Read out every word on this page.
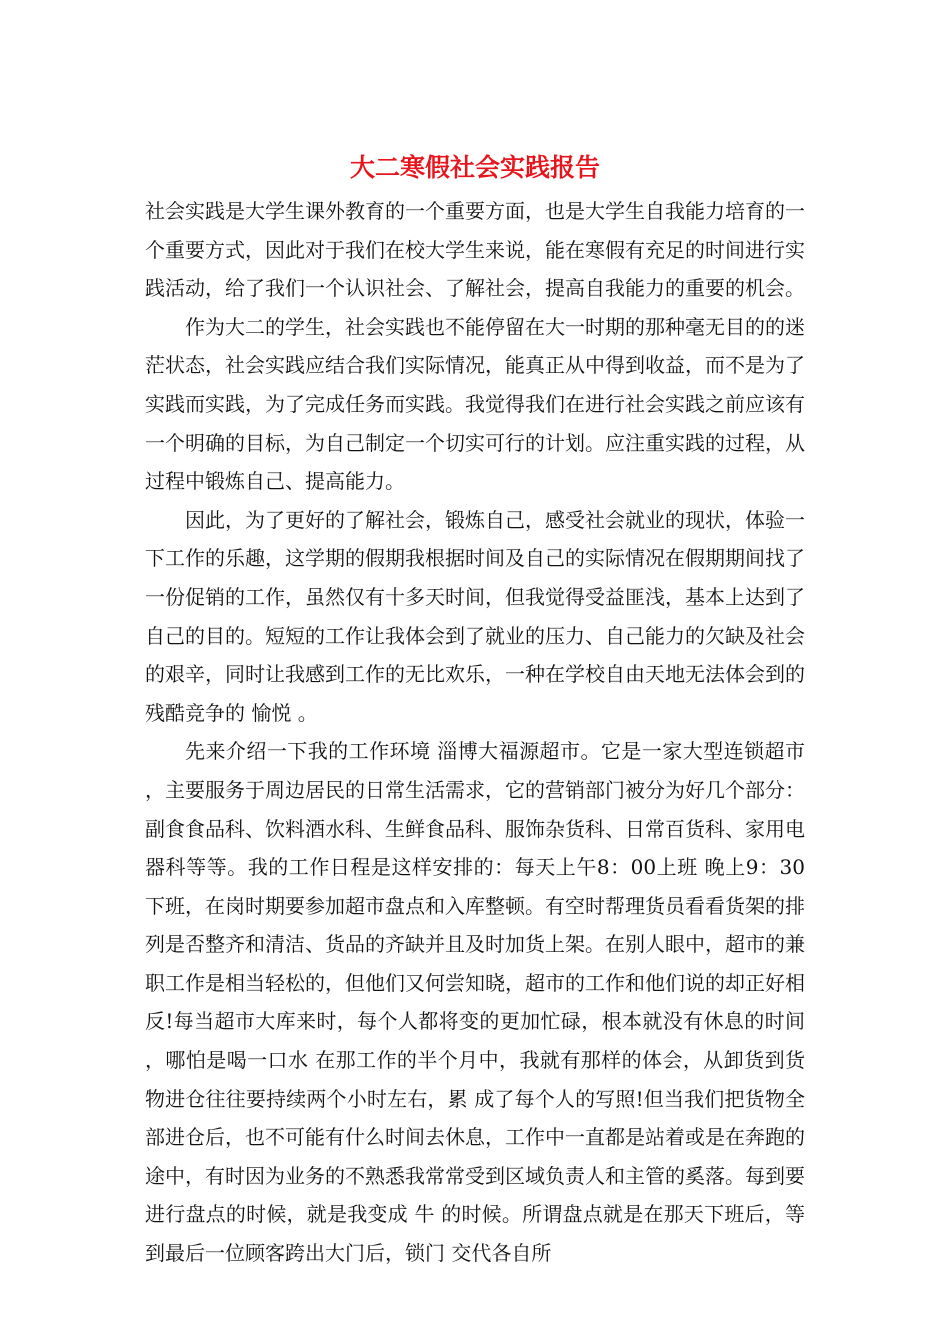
大二寒假社会实践报告

社会实践是大学生课外教育的一个重要方面，也是大学生自我能力培育的一个重要方式，因此对于我们在校大学生来说，能在寒假有充足的时间进行实践活动，给了我们一个认识社会、了解社会，提高自我能力的重要的机会。

作为大二的学生，社会实践也不能停留在大一时期的那种毫无目的的迷茫状态，社会实践应结合我们实际情况，能真正从中得到收益，而不是为了实践而实践，为了完成任务而实践。我觉得我们在进行社会实践之前应该有一个明确的目标，为自己制定一个切实可行的计划。应注重实践的过程，从过程中锻炼自己、提高能力。

因此，为了更好的了解社会，锻炼自己，感受社会就业的现状，体验一下工作的乐趣，这学期的假期我根据时间及自己的实际情况在假期期间找了一份促销的工作，虽然仅有十多天时间，但我觉得受益匪浅，基本上达到了自己的目的。短短的工作让我体会到了就业的压力、自己能力的欠缺及社会的艰辛，同时让我感到工作的无比欢乐，一种在学校自由天地无法体会到的残酷竞争的 愉悦 。

先来介绍一下我的工作环境 淄博大福源超市。它是一家大型连锁超市，主要服务于周边居民的日常生活需求，它的营销部门被分为好几个部分：副食食品科、饮料酒水科、生鲜食品科、服饰杂货科、日常百货科、家用电器科等等。我的工作日程是这样安排的：每天上午8：00上班 晚上9：30下班，在岗时期要参加超市盘点和入库整顿。有空时帮理货员看看货架的排列是否整齐和清洁、货品的齐缺并且及时加货上架。在别人眼中，超市的兼职工作是相当轻松的，但他们又何尝知晓，超市的工作和他们说的却正好相反!每当超市大库来时，每个人都将变的更加忙碌，根本就没有休息的时间，哪怕是喝一口水 在那工作的半个月中，我就有那样的体会，从卸货到货物进仓往往要持续两个小时左右，累 成了每个人的写照!但当我们把货物全部进仓后，也不可能有什么时间去休息，工作中一直都是站着或是在奔跑的途中，有时因为业务的不熟悉我常常受到区域负责人和主管的奚落。每到要进行盘点的时候，就是我变成 牛 的时候。所谓盘点就是在那天下班后，等到最后一位顾客跨出大门后，锁门 交代各自所
